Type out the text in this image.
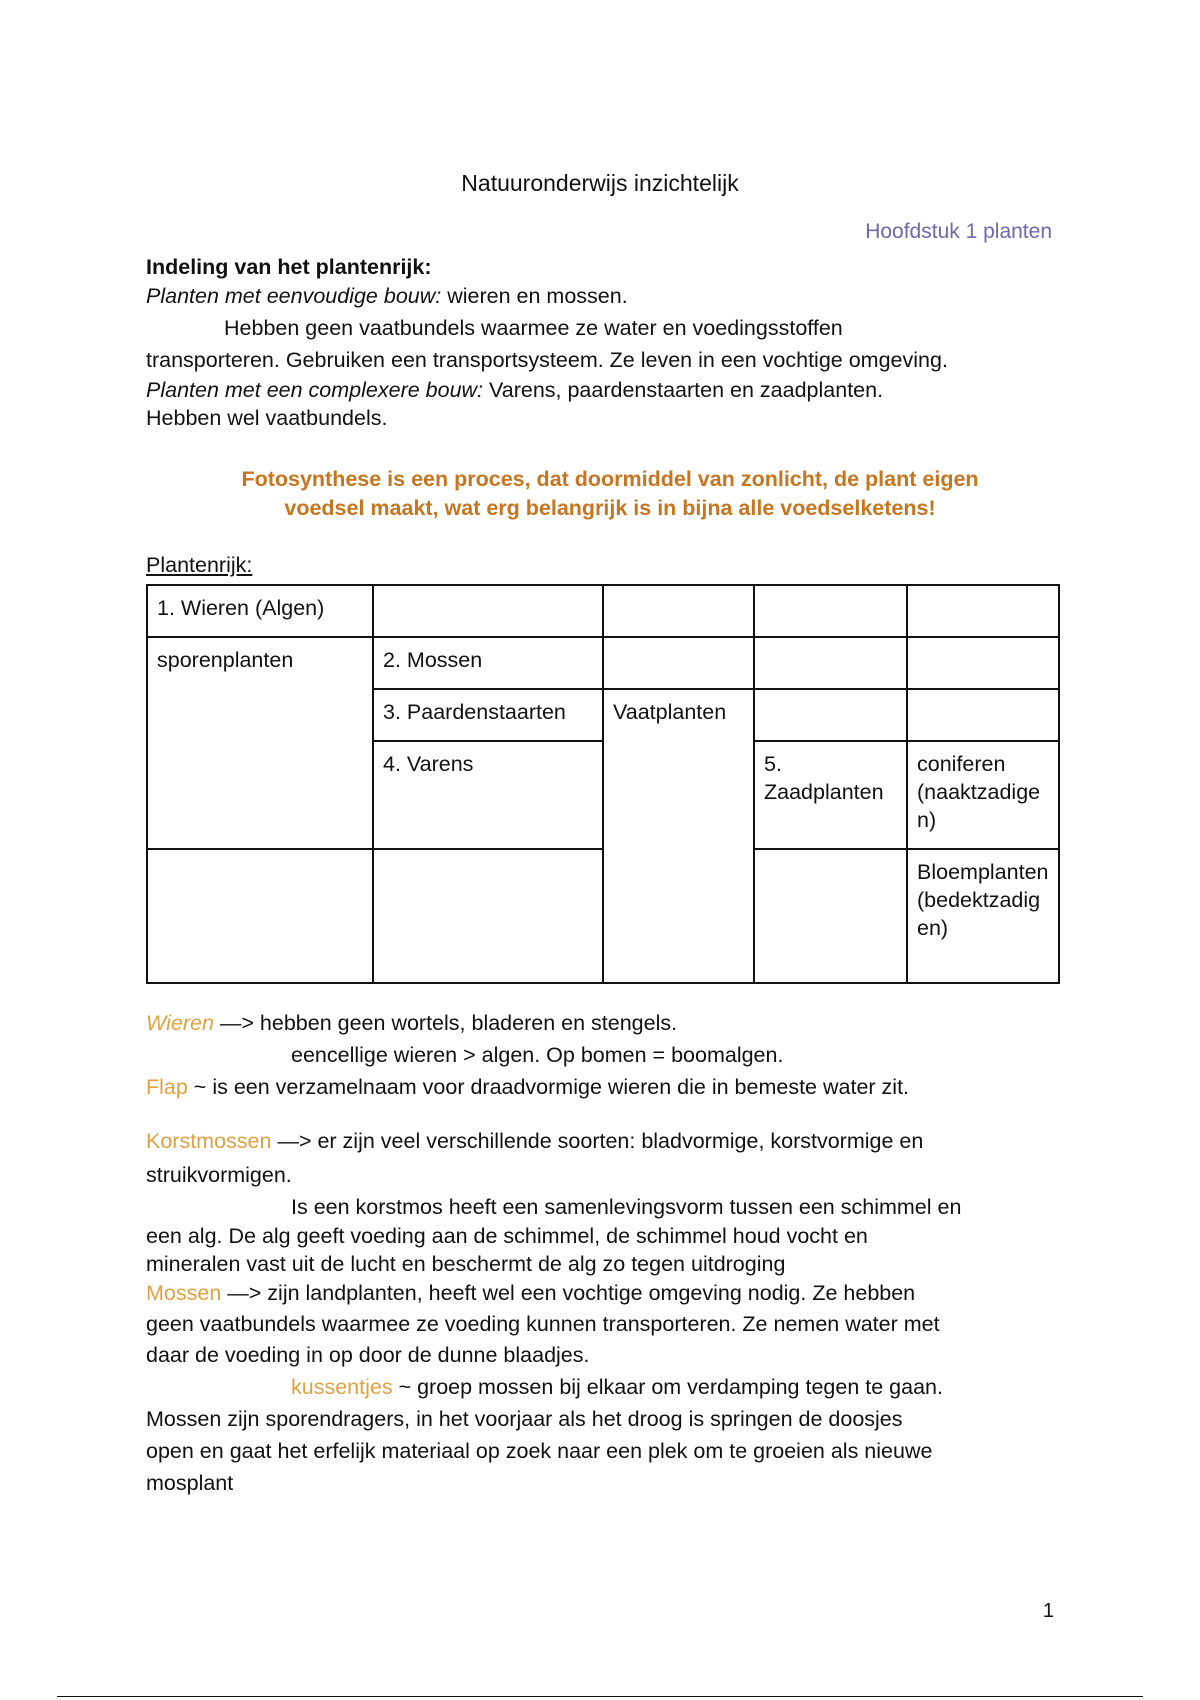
Natuuronderwijs inzichtelijk
Hoofdstuk 1 planten
Indeling van het plantenrijk:
Planten met eenvoudige bouw: wieren en mossen.
Hebben geen vaatbundels waarmee ze water en voedingsstoffen
transporteren. Gebruiken een transportsysteem. Ze leven in een vochtige omgeving.
Planten met een complexere bouw: Varens, paardenstaarten en zaadplanten.
Hebben wel vaatbundels.
Fotosynthese is een proces, dat doormiddel van zonlicht, de plant eigen
voedsel maakt, wat erg belangrijk is in bijna alle voedselketens!
Plantenrijk:
1. Wieren (Algen)				
sporenplanten	2. Mossen			
	3. Paardenstaarten	Vaatplanten		
	4. Varens		5. Zaadplanten	coniferen (naaktzadigen)
				Bloemplanten (bedektzadigen)
Wieren —> hebben geen wortels, bladeren en stengels.
eencellige wieren > algen. Op bomen = boomalgen.
Flap ~ is een verzamelnaam voor draadvormige wieren die in bemeste water zit.
Korstmossen —> er zijn veel verschillende soorten: bladvormige, korstvormige en
struikvormigen.
Is een korstmos heeft een samenlevingsvorm tussen een schimmel en
een alg. De alg geeft voeding aan de schimmel, de schimmel houd vocht en
mineralen vast uit de lucht en beschermt de alg zo tegen uitdroging
Mossen —> zijn landplanten, heeft wel een vochtige omgeving nodig. Ze hebben
geen vaatbundels waarmee ze voeding kunnen transporteren. Ze nemen water met
daar de voeding in op door de dunne blaadjes.
kussentjes ~ groep mossen bij elkaar om verdamping tegen te gaan.
Mossen zijn sporendragers, in het voorjaar als het droog is springen de doosjes
open en gaat het erfelijk materiaal op zoek naar een plek om te groeien als nieuwe
mosplant
1
